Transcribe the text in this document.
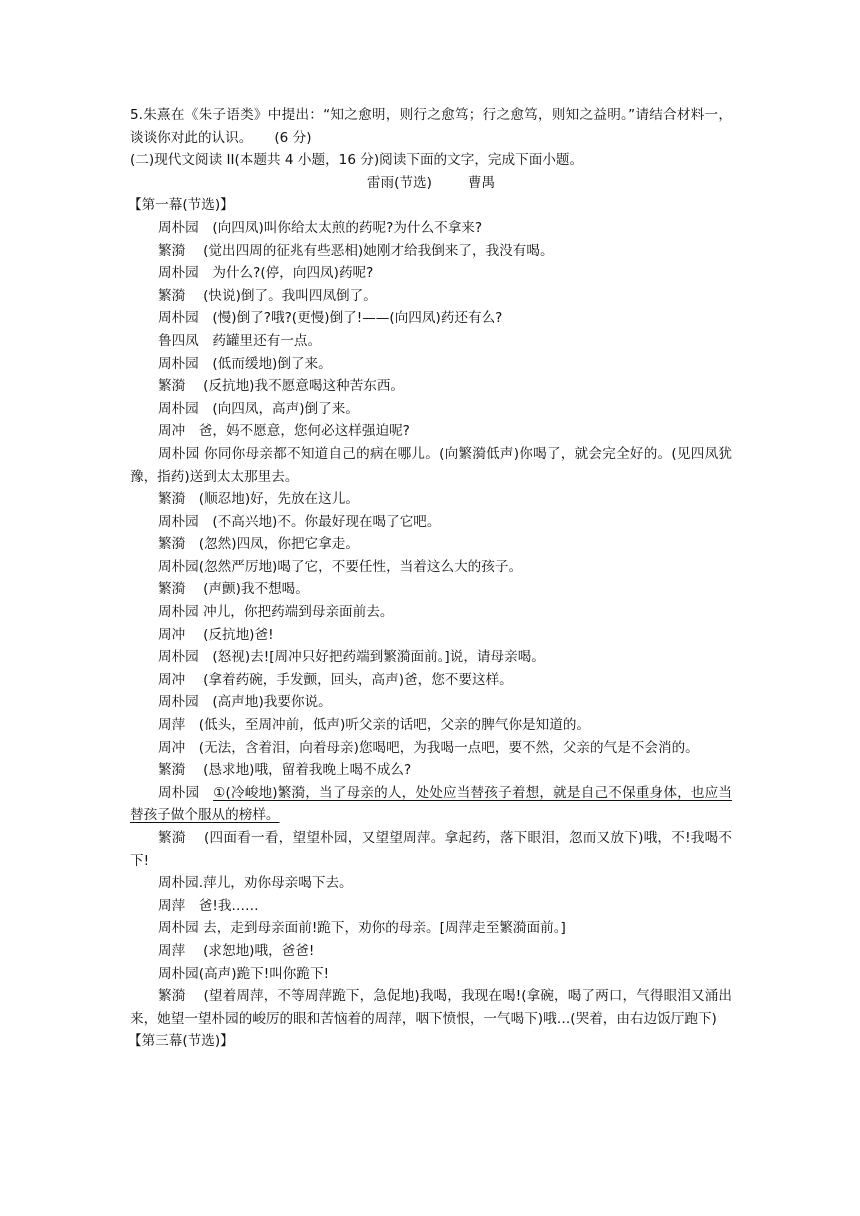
5.朱熹在《朱子语类》中提出：“知之愈明，则行之愈笃；行之愈笃，则知之益明。”请结合材料一，谈谈你对此的认识。 (6 分)

(二)现代文阅读 II(本题共 4 小题，16 分)阅读下面的文字，完成下面小题。

雷雨(节选)	曹禺

【第一幕(节选)】

周朴园　(向四凤)叫你给太太煎的药呢?为什么不拿来?

繁漪　 (觉出四周的征兆有些恶相)她刚才给我倒来了，我没有喝。

周朴园　为什么?(停，向四凤)药呢?

繁漪　 (快说)倒了。我叫四凤倒了。

周朴园　(慢)倒了?哦?(更慢)倒了!——(向四凤)药还有么?

鲁四凤　药罐里还有一点。

周朴园　(低而缓地)倒了来。

繁漪　 (反抗地)我不愿意喝这种苦东西。

周朴园　(向四凤，高声)倒了来。

周冲　爸，妈不愿意，您何必这样强迫呢?

周朴园 你同你母亲都不知道自己的病在哪儿。(向繁漪低声)你喝了，就会完全好的。(见四凤犹豫，指药)送到太太那里去。

繁漪　(顺忍地)好，先放在这儿。

周朴园　(不高兴地)不。你最好现在喝了它吧。

繁漪　(忽然)四凤，你把它拿走。

周朴园(忽然严厉地)喝了它，不要任性，当着这么大的孩子。

繁漪　 (声颤)我不想喝。

周朴园 冲儿，你把药端到母亲面前去。

周冲　 (反抗地)爸!

周朴园　(怒视)去![周冲只好把药端到繁漪面前。]说，请母亲喝。

周冲　 (拿着药碗，手发颤，回头，高声)爸，您不要这样。

周朴园　(高声地)我要你说。

周萍　(低头，至周冲前，低声)听父亲的话吧，父亲的脾气你是知道的。

周冲　(无法，含着泪，向着母亲)您喝吧，为我喝一点吧，要不然，父亲的气是不会消的。

繁漪　 (恳求地)哦，留着我晚上喝不成么?

周朴园　①(冷峻地)繁漪，当了母亲的人，处处应当替孩子着想，就是自己不保重身体，也应当替孩子做个服从的榜样。

繁漪　 (四面看一看，望望朴园，又望望周萍。拿起药，落下眼泪，忽而又放下)哦，不!我喝不下!

周朴园.萍儿，劝你母亲喝下去。

周萍　爸!我……

周朴园 去，走到母亲面前!跪下，劝你的母亲。[周萍走至繁漪面前。]

周萍　 (求恕地)哦，爸爸!

周朴园(高声)跪下!叫你跪下!

繁漪　 (望着周萍，不等周萍跪下，急促地)我喝，我现在喝!(拿碗，喝了两口，气得眼泪又涌出来，她望一望朴园的峻厉的眼和苦恼着的周萍，咽下愤恨，一气喝下)哦…(哭着，由右边饭厅跑下)

【第三幕(节选)】
